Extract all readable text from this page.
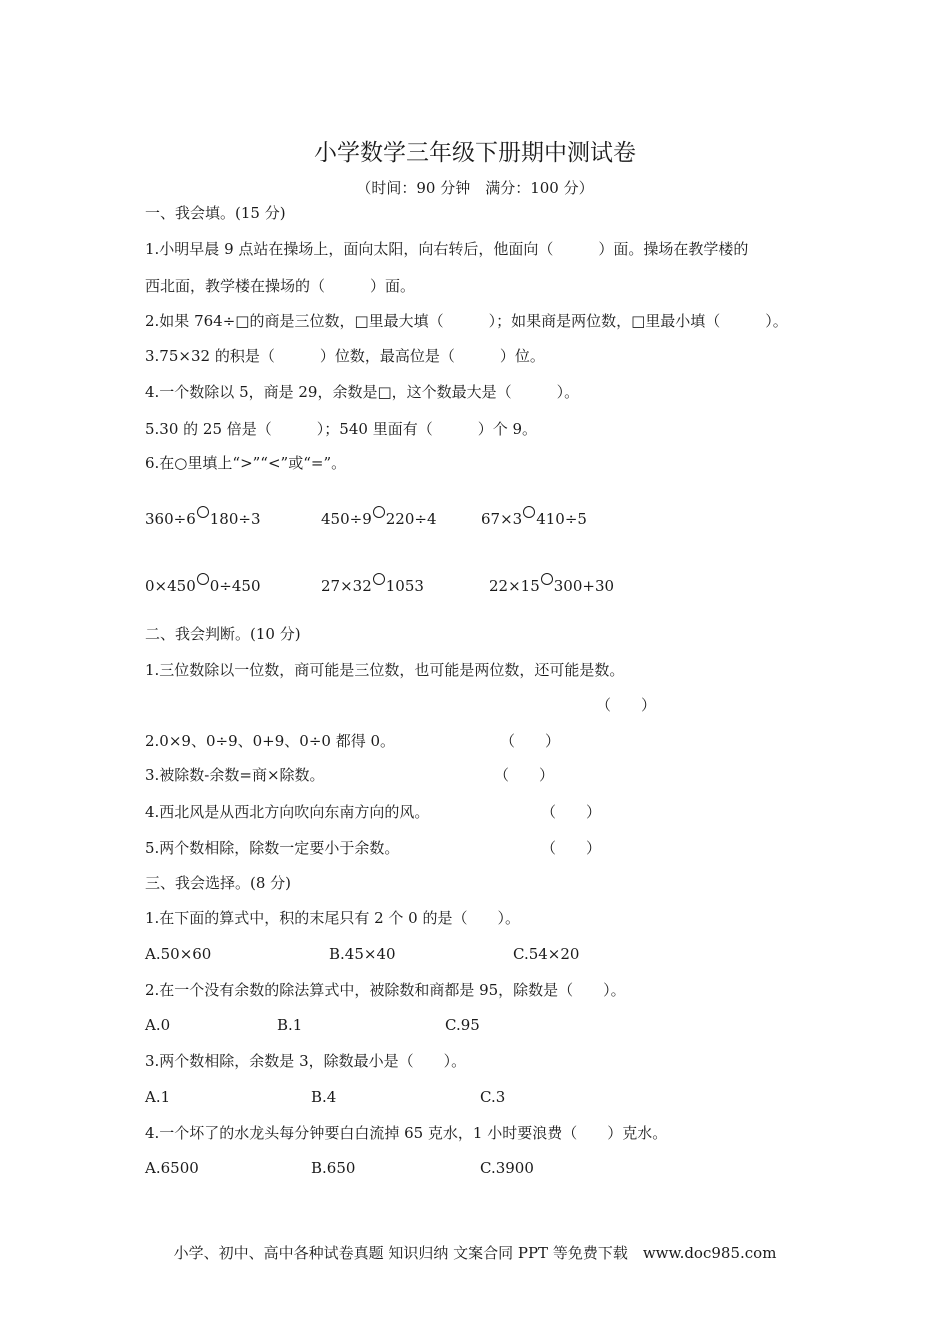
小学数学三年级下册期中测试卷

（时间：90 分钟　满分：100 分）

一、我会填。(15 分)

1.小明早晨 9 点站在操场上，面向太阳，向右转后，他面向（　　　）面。操场在教学楼的

西北面，教学楼在操场的（　　　）面。

2.如果 764÷□的商是三位数，□里最大填（　　　）；如果商是两位数，□里最小填（　　　）。

3.75×32 的积是（　　　）位数，最高位是（　　　）位。

4.一个数除以 5，商是 29，余数是□，这个数最大是（　　　）。

5.30 的 25 倍是（　　　）；540 里面有（　　　）个 9。

6.在○里填上“>”“<”或“=”。

360÷6 180÷3	450÷9 220÷4	67×3 410÷5
0×450 0÷450	27×32 1053	22×15 300+30

二、我会判断。(10 分)

1.三位数除以一位数，商可能是三位数，也可能是两位数，还可能是数。

（　　）

2.0×9、0÷9、0+9、0÷0 都得 0。	（　　）

3.被除数-余数=商×除数。	（　　）

4.西北风是从西北方向吹向东南方向的风。	（　　）

5.两个数相除，除数一定要小于余数。	（　　）

三、我会选择。(8 分)

1.在下面的算式中，积的末尾只有 2 个 0 的是（　　）。

A.50×60	B.45×40	C.54×20

2.在一个没有余数的除法算式中，被除数和商都是 95，除数是（　　）。

A.0	B.1	C.95

3.两个数相除，余数是 3，除数最小是（　　）。

A.1	B.4	C.3

4.一个坏了的水龙头每分钟要白白流掉 65 克水，1 小时要浪费（　　）克水。

A.6500	B.650	C.3900

小学、初中、高中各种试卷真题 知识归纳 文案合同 PPT 等免费下载　www.doc985.com
